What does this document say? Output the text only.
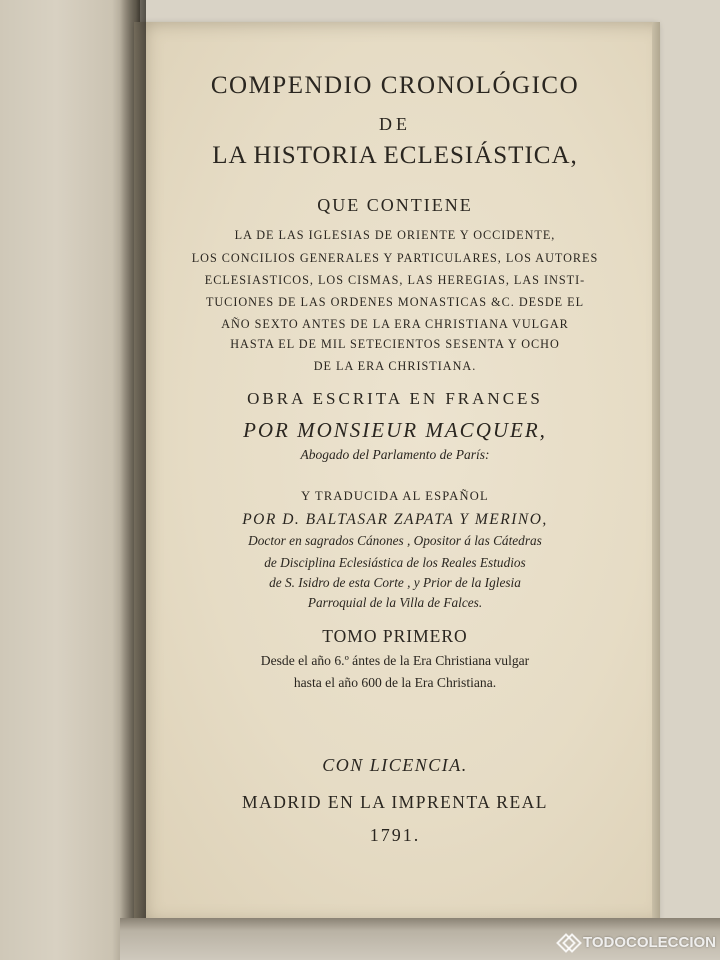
COMPENDIO CRONOLÓGICO
DE
LA HISTORIA ECLESIÁSTICA,
QUE CONTIENE
LA DE LAS IGLESIAS DE ORIENTE Y OCCIDENTE,
LOS CONCILIOS GENERALES Y PARTICULARES, LOS AUTORES
ECLESIASTICOS, LOS CISMAS, LAS HEREGIAS, LAS INSTI-
TUCIONES DE LAS ORDENES MONASTICAS &C. DESDE EL
AÑO SEXTO ANTES DE LA ERA CHRISTIANA VULGAR
HASTA EL DE MIL SETECIENTOS SESENTA Y OCHO
DE LA ERA CHRISTIANA.
OBRA ESCRITA EN FRANCES
POR MONSIEUR MACQUER,
Abogado del Parlamento de París:
Y TRADUCIDA AL ESPAÑOL
POR D. BALTASAR ZAPATA Y MERINO,
Doctor en sagrados Cánones , Opositor á las Cátedras
de Disciplina Eclesiástica de los Reales Estudios
de S. Isidro de esta Corte , y Prior de la Iglesia
Parroquial de la Villa de Falces.
TOMO PRIMERO
Desde el año 6.º ántes de la Era Christiana vulgar
hasta el año 600 de la Era Christiana.
CON LICENCIA.
MADRID EN LA IMPRENTA REAL
1791.
TODOCOLECCION
